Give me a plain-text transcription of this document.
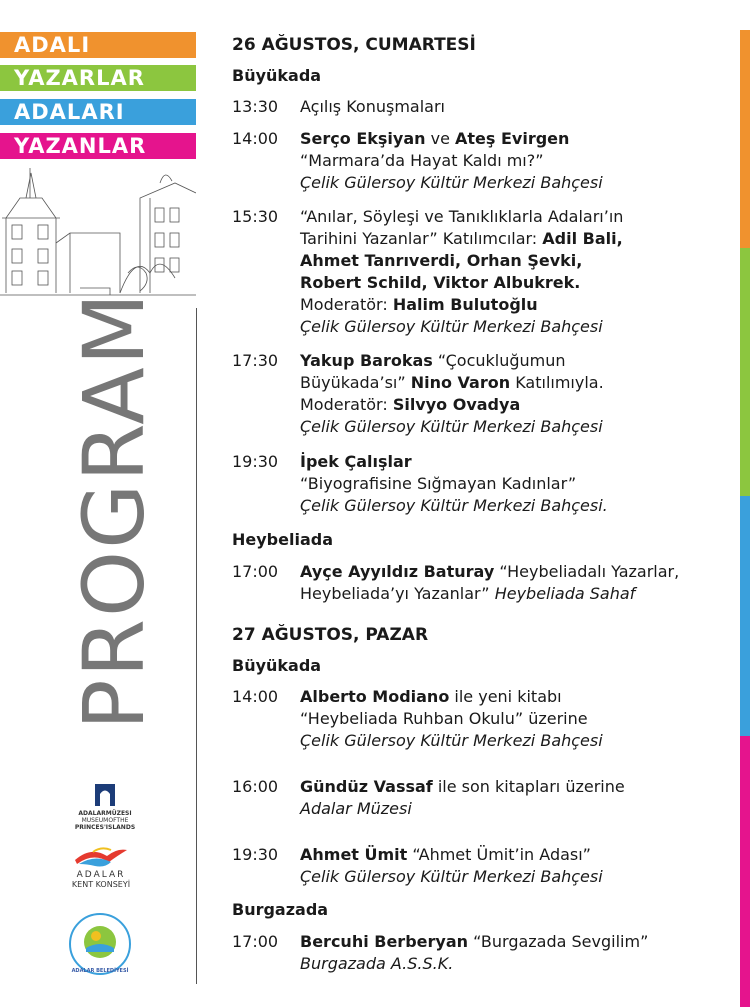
ADALI
YAZARLAR
ADALARI
YAZANLAR
PROGRAM
ADALARMÜZESI
MUSEUMOFTHE
PRINCES'ISLANDS
ADALAR
KENT KONSEYİ
ADALAR BELEDİYESİ
26 AĞUSTOS, CUMARTESİ
Büyükada
13:30	Açılış Konuşmaları
14:00	Serço Ekşiyan ve Ateş Evirgen
“Marmara’da Hayat Kaldı mı?”
Çelik Gülersoy Kültür Merkezi Bahçesi
15:30	“Anılar, Söyleşi ve Tanıklıklarla Adaları’ın
Tarihini Yazanlar” Katılımcılar: Adil Bali,
Ahmet Tanrıverdi, Orhan Şevki,
Robert Schild, Viktor Albukrek.
Moderatör: Halim Bulutoğlu
Çelik Gülersoy Kültür Merkezi Bahçesi
17:30	Yakup Barokas “Çocukluğumun
Büyükada’sı” Nino Varon Katılımıyla.
Moderatör: Silvyo Ovadya
Çelik Gülersoy Kültür Merkezi Bahçesi
19:30	İpek Çalışlar
“Biyografisine Sığmayan Kadınlar”
Çelik Gülersoy Kültür Merkezi Bahçesi.
Heybeliada
17:00	Ayçe Ayyıldız Baturay “Heybeliadalı Yazarlar,
Heybeliada’yı Yazanlar” Heybeliada Sahaf
27 AĞUSTOS, PAZAR
Büyükada
14:00	Alberto Modiano ile yeni kitabı
“Heybeliada Ruhban Okulu” üzerine
Çelik Gülersoy Kültür Merkezi Bahçesi
16:00	Gündüz Vassaf ile son kitapları üzerine
Adalar Müzesi
19:30	Ahmet Ümit “Ahmet Ümit’in Adası”
Çelik Gülersoy Kültür Merkezi Bahçesi
Burgazada
17:00	Bercuhi Berberyan “Burgazada Sevgilim”
Burgazada A.S.S.K.
